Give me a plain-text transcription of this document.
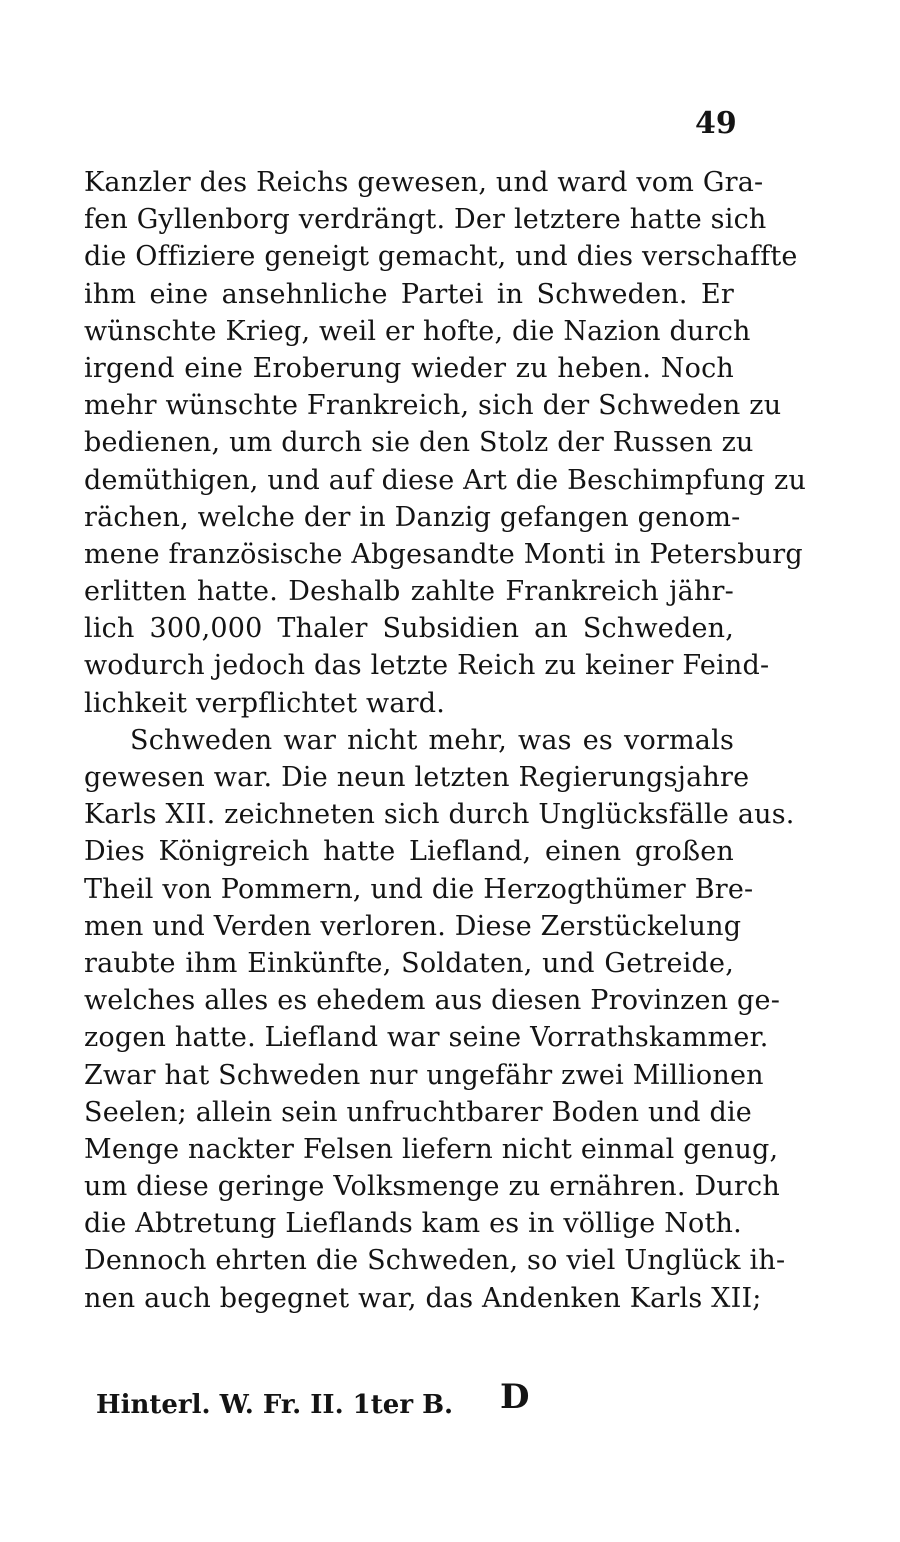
49
Kanzler des Reichs gewesen, und ward vom Gra-
fen Gyllenborg verdrängt. Der letztere hatte sich
die Offiziere geneigt gemacht, und dies verschaffte
ihm eine ansehnliche Partei in Schweden. Er
wünschte Krieg, weil er hofte, die Nazion durch
irgend eine Eroberung wieder zu heben. Noch
mehr wünschte Frankreich, sich der Schweden zu
bedienen, um durch sie den Stolz der Russen zu
demüthigen, und auf diese Art die Beschimpfung zu
rächen, welche der in Danzig gefangen genom-
mene französische Abgesandte Monti in Petersburg
erlitten hatte. Deshalb zahlte Frankreich jähr-
lich 300,000 Thaler Subsidien an Schweden,
wodurch jedoch das letzte Reich zu keiner Feind-
lichkeit verpflichtet ward.
Schweden war nicht mehr, was es vormals
gewesen war. Die neun letzten Regierungsjahre
Karls XII. zeichneten sich durch Unglücksfälle aus.
Dies Königreich hatte Liefland, einen großen
Theil von Pommern, und die Herzogthümer Bre-
men und Verden verloren. Diese Zerstückelung
raubte ihm Einkünfte, Soldaten, und Getreide,
welches alles es ehedem aus diesen Provinzen ge-
zogen hatte. Liefland war seine Vorrathskammer.
Zwar hat Schweden nur ungefähr zwei Millionen
Seelen; allein sein unfruchtbarer Boden und die
Menge nackter Felsen liefern nicht einmal genug,
um diese geringe Volksmenge zu ernähren. Durch
die Abtretung Lieflands kam es in völlige Noth.
Dennoch ehrten die Schweden, so viel Unglück ih-
nen auch begegnet war, das Andenken Karls XII;
Hinterl. W. Fr. II. 1ter B. D
